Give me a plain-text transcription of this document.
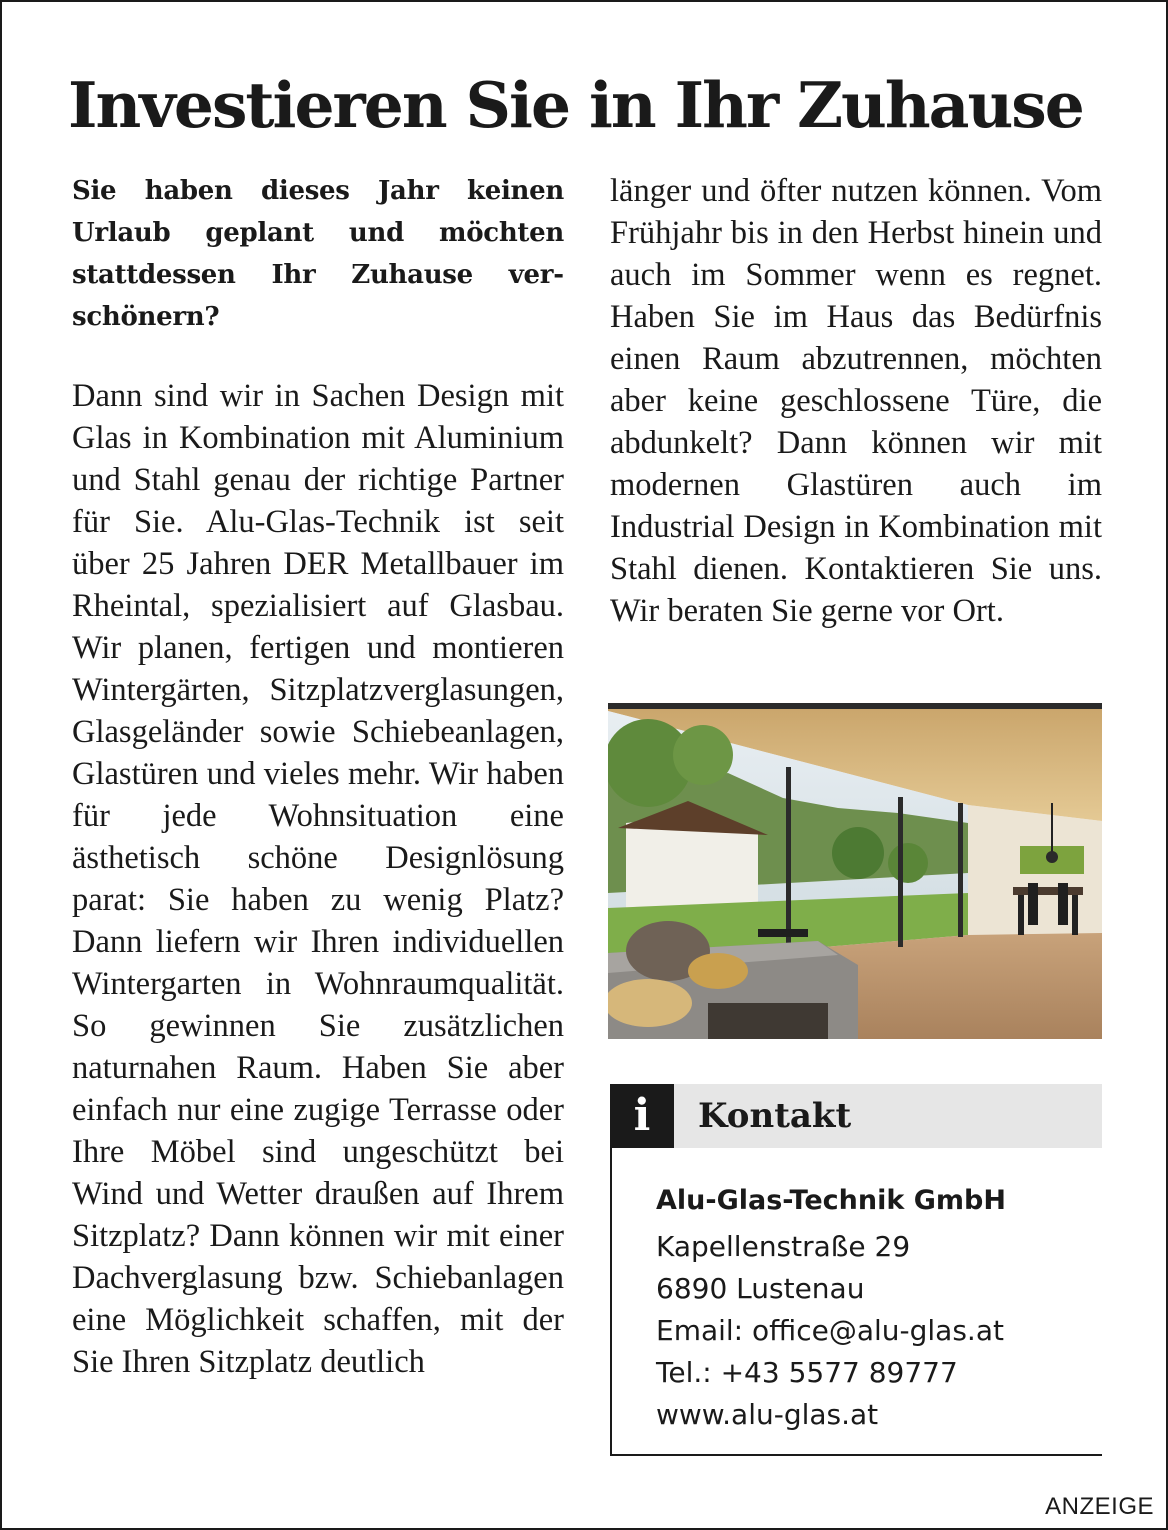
Investieren Sie in Ihr Zuhause

Sie haben dieses Jahr keinen Urlaub geplant und möchten stattdessen Ihr Zuhause verschönern?

Dann sind wir in Sachen Design mit Glas in Kombination mit Aluminium und Stahl genau der richtige Partner für Sie. Alu-Glas-Technik ist seit über 25 Jahren DER Metallbauer im Rheintal, spezialisiert auf Glasbau. Wir planen, fertigen und montieren Wintergärten, Sitzplatzverglasungen, Glasgeländer sowie Schiebeanlagen, Glastüren und vieles mehr. Wir haben für jede Wohnsituation eine ästhetisch schöne Designlösung parat: Sie haben zu wenig Platz? Dann liefern wir Ihren individuellen Wintergarten in Wohnraumqualität. So gewinnen Sie zusätzlichen naturnahen Raum. Haben Sie aber einfach nur eine zugige Terrasse oder Ihre Möbel sind ungeschützt bei Wind und Wetter draußen auf Ihrem Sitzplatz? Dann können wir mit einer Dachverglasung bzw. Schiebanlagen eine Möglichkeit schaffen, mit der Sie Ihren Sitzplatz deutlich

länger und öfter nutzen können. Vom Frühjahr bis in den Herbst hinein und auch im Sommer wenn es regnet. Haben Sie im Haus das Bedürfnis einen Raum abzutrennen, möchten aber keine geschlossene Türe, die abdunkelt? Dann können wir mit modernen Glastüren auch im Industrial Design in Kombination mit Stahl dienen. Kontaktieren Sie uns. Wir beraten Sie gerne vor Ort.

i	Kontakt
Alu-Glas-Technik GmbH
Kapellenstraße 29
6890 Lustenau
Email: office@alu-glas.at
Tel.: +43 5577 89777
www.alu-glas.at
ANZEIGE
